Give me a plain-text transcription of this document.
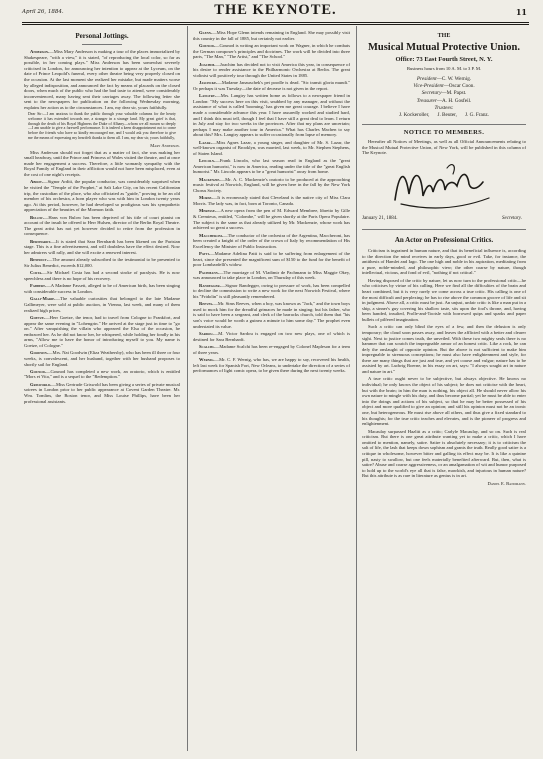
April 26, 1884.	THE KEYNOTE.	11
Personal Jottings.

Anderson.—Miss Mary Anderson is making a tour of the places immortalized by Shakespeare, "with a view," it is stated, "of reproducing the local color, so far as possible, in her coming plays." Miss Anderson has been somewhat severely criticised in London, for announcing her intention to appear at the Lyceum, on the date of Prince Leopold's funeral, every other theatre being very properly closed on the occasion. At the last moment she realized her mistake, but made matters worse by alleged indisposition, and announced the fact by means of placards on the closed doors, when much of the public who had the bad taste to attend, were considerably inconvenienced, many having sent their carriages away. The following letter she sent to the newspapers for publication on the following Wednesday morning, explains her action as to the circumstances. I am, my dear sir, yours faithfully.

Dear Sir:—I am anxious to thank the public through your valuable columns for the hearty welcome it has extended towards me, a stranger in a strange land. My great grief is that, through the death of his Royal Highness the Duke of Albany—whom we all mourn so deeply—I am unable to give a farewell performance. It is indeed a keen disappointment not to come before the friends who have so kindly encouraged me, and I would ask you therefore to give me the means of expressing my heartfelt thanks to them all. I am, my dear sir, yours faithfully,

Mary Anderson.

Miss Anderson should not forget that as a matter of fact, she was making her small headway, until the Prince and Princess of Wales visited the theatre, and at once made her engagement a success. Therefore, a little womanly sympathy with the Royal Family of England in their affliction would not have been misplaced, even at the cost of one night's receipts.

Abdot.—Signor Arditi, the popular conductor, was considerably surprised when he visited the "Temple of the Prophet," at Salt Lake City, on his recent Californian trip, the custodian of the place, who also officiated as "guide," proving to be an old member of his orchestra, a horn player who was with him in London twenty years ago. At this period, however, he had developed so prodigious was his sympathetic appreciation of the beauties of the Mormon faith.

Bulow.—Hans von Bulow has been deprived of his title of court pianist on account of the insult he offered to Herr Hulsen, director of the Berlin Royal Theatre. The great artist has not yet however decided to retire from the profession in consequence.

Bernhardt.—It is stated that Sara Bernhardt has been likened on the Parisian stage. This is a fine advertisement, and will doubtless have the effect desired. Now her admirers will rally, and she will excite a renewed interest.

Benedict.—The amount already subscribed to the testimonial to be presented to Sir Julius Benedict, exceeds $12,000.

Costa.—Sir Michael Costa has had a second stroke of paralysis. He is now speechless and there is no hope of his recovery.

Fabbert.—A Madame Fassett, alleged to be of American birth, has been singing with considerable success in London.

Galli-Marie.—The valuable curiosities that belonged to the late Madame Gallimeyer, were sold at public auction, in Vienna, last week, and many of them realized high prices.

Goetze.—Herr Goetze, the tenor, had to travel from Cologne to Frankfort, and appear the same evening in "Lohengrin." He arrived at the stage just in time to "go on." After vanquishing the villain who appeared the Elsa of the occasion, he embraced her. As he did not know her, he whispered, while holding her fondly in his arms, "Allow me to have the honor of introducing myself to you. My name is Goetze, of Cologne."

Goodwin.—Mrs. Nat Goodwin (Eliza Weathersby), who has been ill three or four weeks, is convalescent, and her husband, together with her husband proposes to shortly sail for England.

Gounod.—Gounod has completed a new work, an oratorio, which is entitled "Mors et Vita," and is a sequel to the "Redemption."

Grisworld.—Miss Gertrude Griswold has been giving a series of private musical soirees in London prior to her public appearance at Covent Garden Theatre. Mr. Wm. Tomlins, the Boston tenor, and Miss Louise Phillips, have been her professional assistants.

Glenn.—Miss Hope Glenn intends remaining in England. She may possibly visit this country in the fall of 1885, but certainly not earlier.

Gounod.—Gounod is writing an important work on Wagner, in which he combats the German composer's principles and doctrines. The work will be divided into three parts, "The Man," "The Artist," and "The School."

Joachim.—Joachim has decided not to visit America this year, in consequence of his desire to render assistance to the Philharmonic Orchestra at Berlin. The great violinist will positively tour through the United States in 1885.

Jaschcke.—Madame Janauschek's pet poodle is dead. "Sic transit gloria mundi." Or perhaps it was Tuesday—the date of decease is not given in the report.

Langtry.—Mrs. Langtry has written home as follows to a newspaper friend in London: "My success here on this visit, snubbed by any manager, and without the assistance of what is called 'booming,' has given me great courage. I believe I have made a considerable advance this year. I have assuredly worked and studied hard, and I think this must tell, though I feel that I have still a great deal to learn. I return in July and stay for two weeks in the provinces. After that my plans are uncertain; perhaps I may make another tour in America." What has Charles Machen to say about this? Mrs. Langtry appears to suffer occasionally from lapse of memory.

Lazar.—Miss Agnes Lazar, a young singer, and daughter of Mr. S. Lazar, the well-known organist of Brooklyn, was married, last week, to Mr. Stephen Stephens, of Staten Island.

Lincoln.—Frank Lincoln, who last season read in England as the "great American humorist," is now in America, reading under the title of the "great English humorist." Mr. Lincoln appears to be a "great humorist" away from home.

Mackenzie.—Mr. A. C. Mackenzie's oratorio to be produced at the approaching music festival at Norwich, England, will be given here in the fall by the New York Chorus Society.

Morse.—It is erroneously stated that Cleveland is the native city of Miss Clara Morris. The lady was, in fact, born at Toronto, Canada.

Meresse.—A new opera from the pen of M. Edward Membree, libretto by Gille & Cremieux, entitled, "Colombe," will be given shortly at the Paris Opera Populaire. The subject is the same as that already utilized by Mr. Mackenzie, whose work has achieved so great a success.

Maccheroni.—The conductor of the orchestra of the Argentina, Maccheroni, has been created a knight of the order of the crown of Italy by recommendation of His Excellency the Minister of Public Instruction.

Patti.—Madame Adelina Patti is said to be suffering from enlargement of the heart, since she presented the magnificent sum of $150 to the fund for the benefit of poor Lombardelli's widow.

Pachmann.—The marriage of M. Vladimir de Pachmann to Miss Maggie Okey, was announced to take place in London, on Thursday of this week.

Randegger.—Signor Randegger, owing to pressure of work, has been compelled to decline the commission to write a new work for the next Norwich Festival, where his "Fridolin" is still pleasantly remembered.

Reeves.—Mr. Sims Reeves, when a boy, was known as "Jack," and the town boys used to mock him for the dreadful grimaces he made in singing; but his father, who is said to have been a sergeant, and clerk of the barracks church, told them that "his son's voice would be worth a guinea a minute to him some day." The prophet even understated its value.

Sardou.—M. Victor Sardou is engaged on two new plays, one of which is destined for Sara Bernhardt.

Scalchi.—Madame Scalchi has been re-engaged by Colonel Mapleson for a term of three years.

Wernig.—Mr. C. F. Wernig, who has, we are happy to say, recovered his health, left last week for Spanish Fort, New Orleans, to undertake the direction of a series of performances of light comic opera, to be given there during the next twenty weeks.

THE
Musical Mutual Protective Union.
Office: 73 East Fourth Street, N. Y.
Business hours from 10 A. M. to 3 P. M.
President—C. W. Wernig.
Vice-President—Oscar Coon.
Secretary—M. Papst.
Treasurer—A. H. Gosfeil.
Trustees:
J. Kockeroller, J. Beuter, J. G. Franz.
NOTICE TO MEMBERS.

Hereafter all Notices of Meetings, as well as all Official Announcements relating to the Musical Mutual Protective Union, of New York, will be published in this column of The Keynote.

January 21, 1884.	Secretary.
An Actor on Professional Critics.

Criticism is ingrained in human nature, and that its beneficial influence is, according to the direction the mind receives in early days, good or evil. Take, for instance, the antithesis of Hamlet and Iago. The one high and noble in his aspiration, meditating from a pure, noble-minded, and philosophic view; the other coarse by nature, though intellectual, vicious, and fond of evil, "nothing if not critical."

Having disposed of the critic by nature, let us now turn to the professional critic—he who criticises by virtue of his calling. Here we find all the difficulties of the brain and heart combined, but it is very rarely we come across a true critic. His calling is one of the most difficult and perplexing; he has to rise above the common groove of life and sit in judgment. Above all, a critic must be just. An unjust, unfair critic is like a man put in a ship, a sinner's guy covering his shallow taste, sits upon the fool's throne, and, having been handed, insulted, Prolle-and-Tootsle with borrowed quips and sparks and paper bullets of pilfered imagination.

Such a critic can only blind the eyes of a few, and then the delusion is only temporary; the cloud soon passes away, and leaves the afflicted with a better and clearer sight. Next to justice comes truth, the unveiled. With these two mighty seals there is no hammer that can scratch the impregnable armor of an honest critic. Like a rock, he can defy the onslaught of opposite opinion. But the above is not sufficient to make him impregnable to strenuous conceptions; he must also have enlightenment and style, for there are many things that are just and true, and yet coarse and vulgar; nature has to be assisted by art. Ludwig Boerne, in his essay on art, says: "I always sought art in nature and nature in art."

A true critic ought never to be subjective, but always objective. He knows no individual; he only knows the object of his subject; he does not criticise with the heart, but with the brain; in him the man is nothing, his object all. He should never allow his own nature to mingle with his duty, and thus become partial; yet he must be able to enter into the doings and actions of his subject, so that he may be better possessed of his object and more qualified to give an opinion; and still his opinion must not be an ironic one, but heterogeneous. He must rise above all others, and thus give a fixed standard to his thoughts; for the true critic teaches and elevates, and is the pioneer of progress and enlightenment.

Macaulay surpassed Hazlitt as a critic; Carlyle Macaulay, and so on. Such is real criticism. But there is one great attribute wanting yet to make a critic, which I have omitted to mention, namely, satire. Satire is absolutely necessary; it is to criticism the salt of life, the lash that keeps down sophism and grants the truth. Really good satire is a critique in wholesome, however bitter and galling its effect may be. It is like a quinine pill, nasty to swallow, but one feels materially benefited afterward. But, then, what is satire? Abuse and coarse aggressiveness, or an amalgamation of wit and humor purposed to hold up to the world's eye all that is false, mawkish, and injurious in human nature? But this attribute is as rare in literature as genius is in art.

Daniel E. Bandmann.
